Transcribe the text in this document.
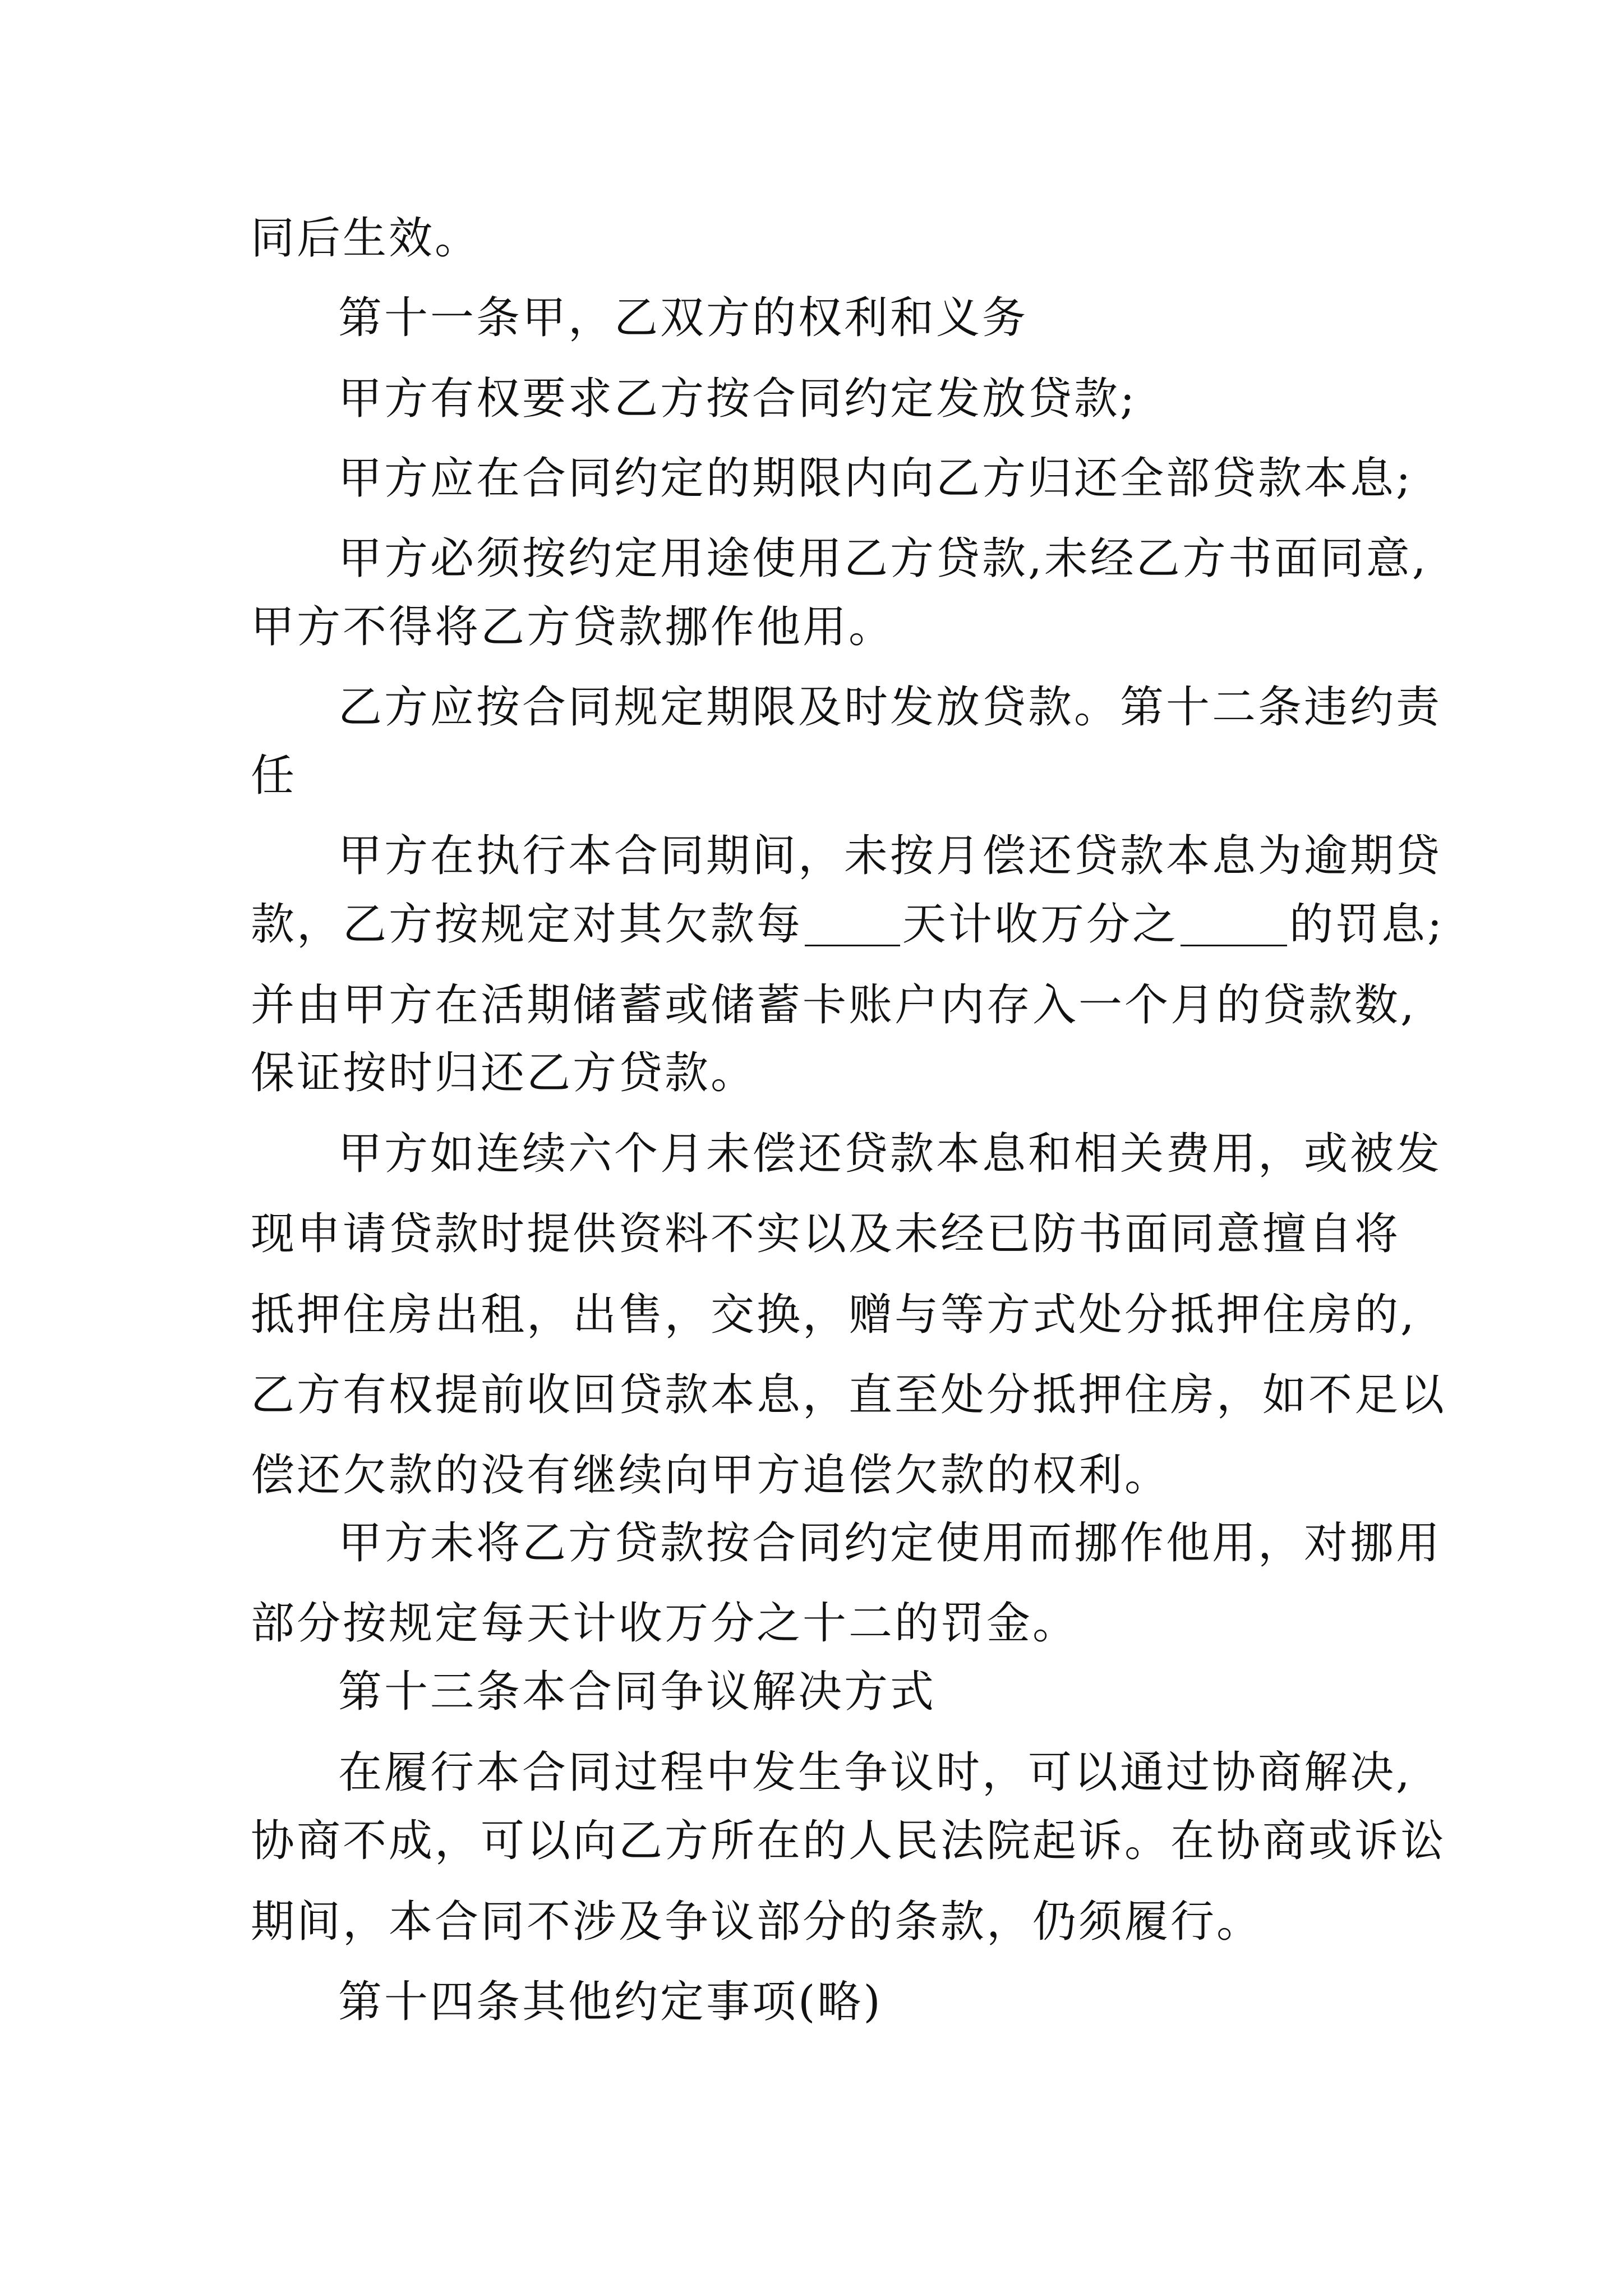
同后生效。
第十一条甲，乙双方的权利和义务
甲方有权要求乙方按合同约定发放贷款;
甲方应在合同约定的期限内向乙方归还全部贷款本息;
甲方必须按约定用途使用乙方贷款,未经乙方书面同意,
甲方不得将乙方贷款挪作他用。
乙方应按合同规定期限及时发放贷款。第十二条违约责
任
甲方在执行本合同期间，未按月偿还贷款本息为逾期贷
款，乙方按规定对其欠款每 天计收万分之	的罚息;
并由甲方在活期储蓄或储蓄卡账户内存入一个月的贷款数,
保证按时归还乙方贷款。
甲方如连续六个月未偿还贷款本息和相关费用，或被发
现申请贷款时提供资料不实以及未经已防书面同意擅自将
抵押住房出租，出售，交换，赠与等方式处分抵押住房的,
乙方有权提前收回贷款本息，直至处分抵押住房，如不足以
偿还欠款的没有继续向甲方追偿欠款的权利。
甲方未将乙方贷款按合同约定使用而挪作他用，对挪用
部分按规定每天计收万分之十二的罚金。
第十三条本合同争议解决方式
在履行本合同过程中发生争议时，可以通过协商解决,
协商不成，可以向乙方所在的人民法院起诉。在协商或诉讼
期间，本合同不涉及争议部分的条款，仍须履行。
第十四条其他约定事项(略)
